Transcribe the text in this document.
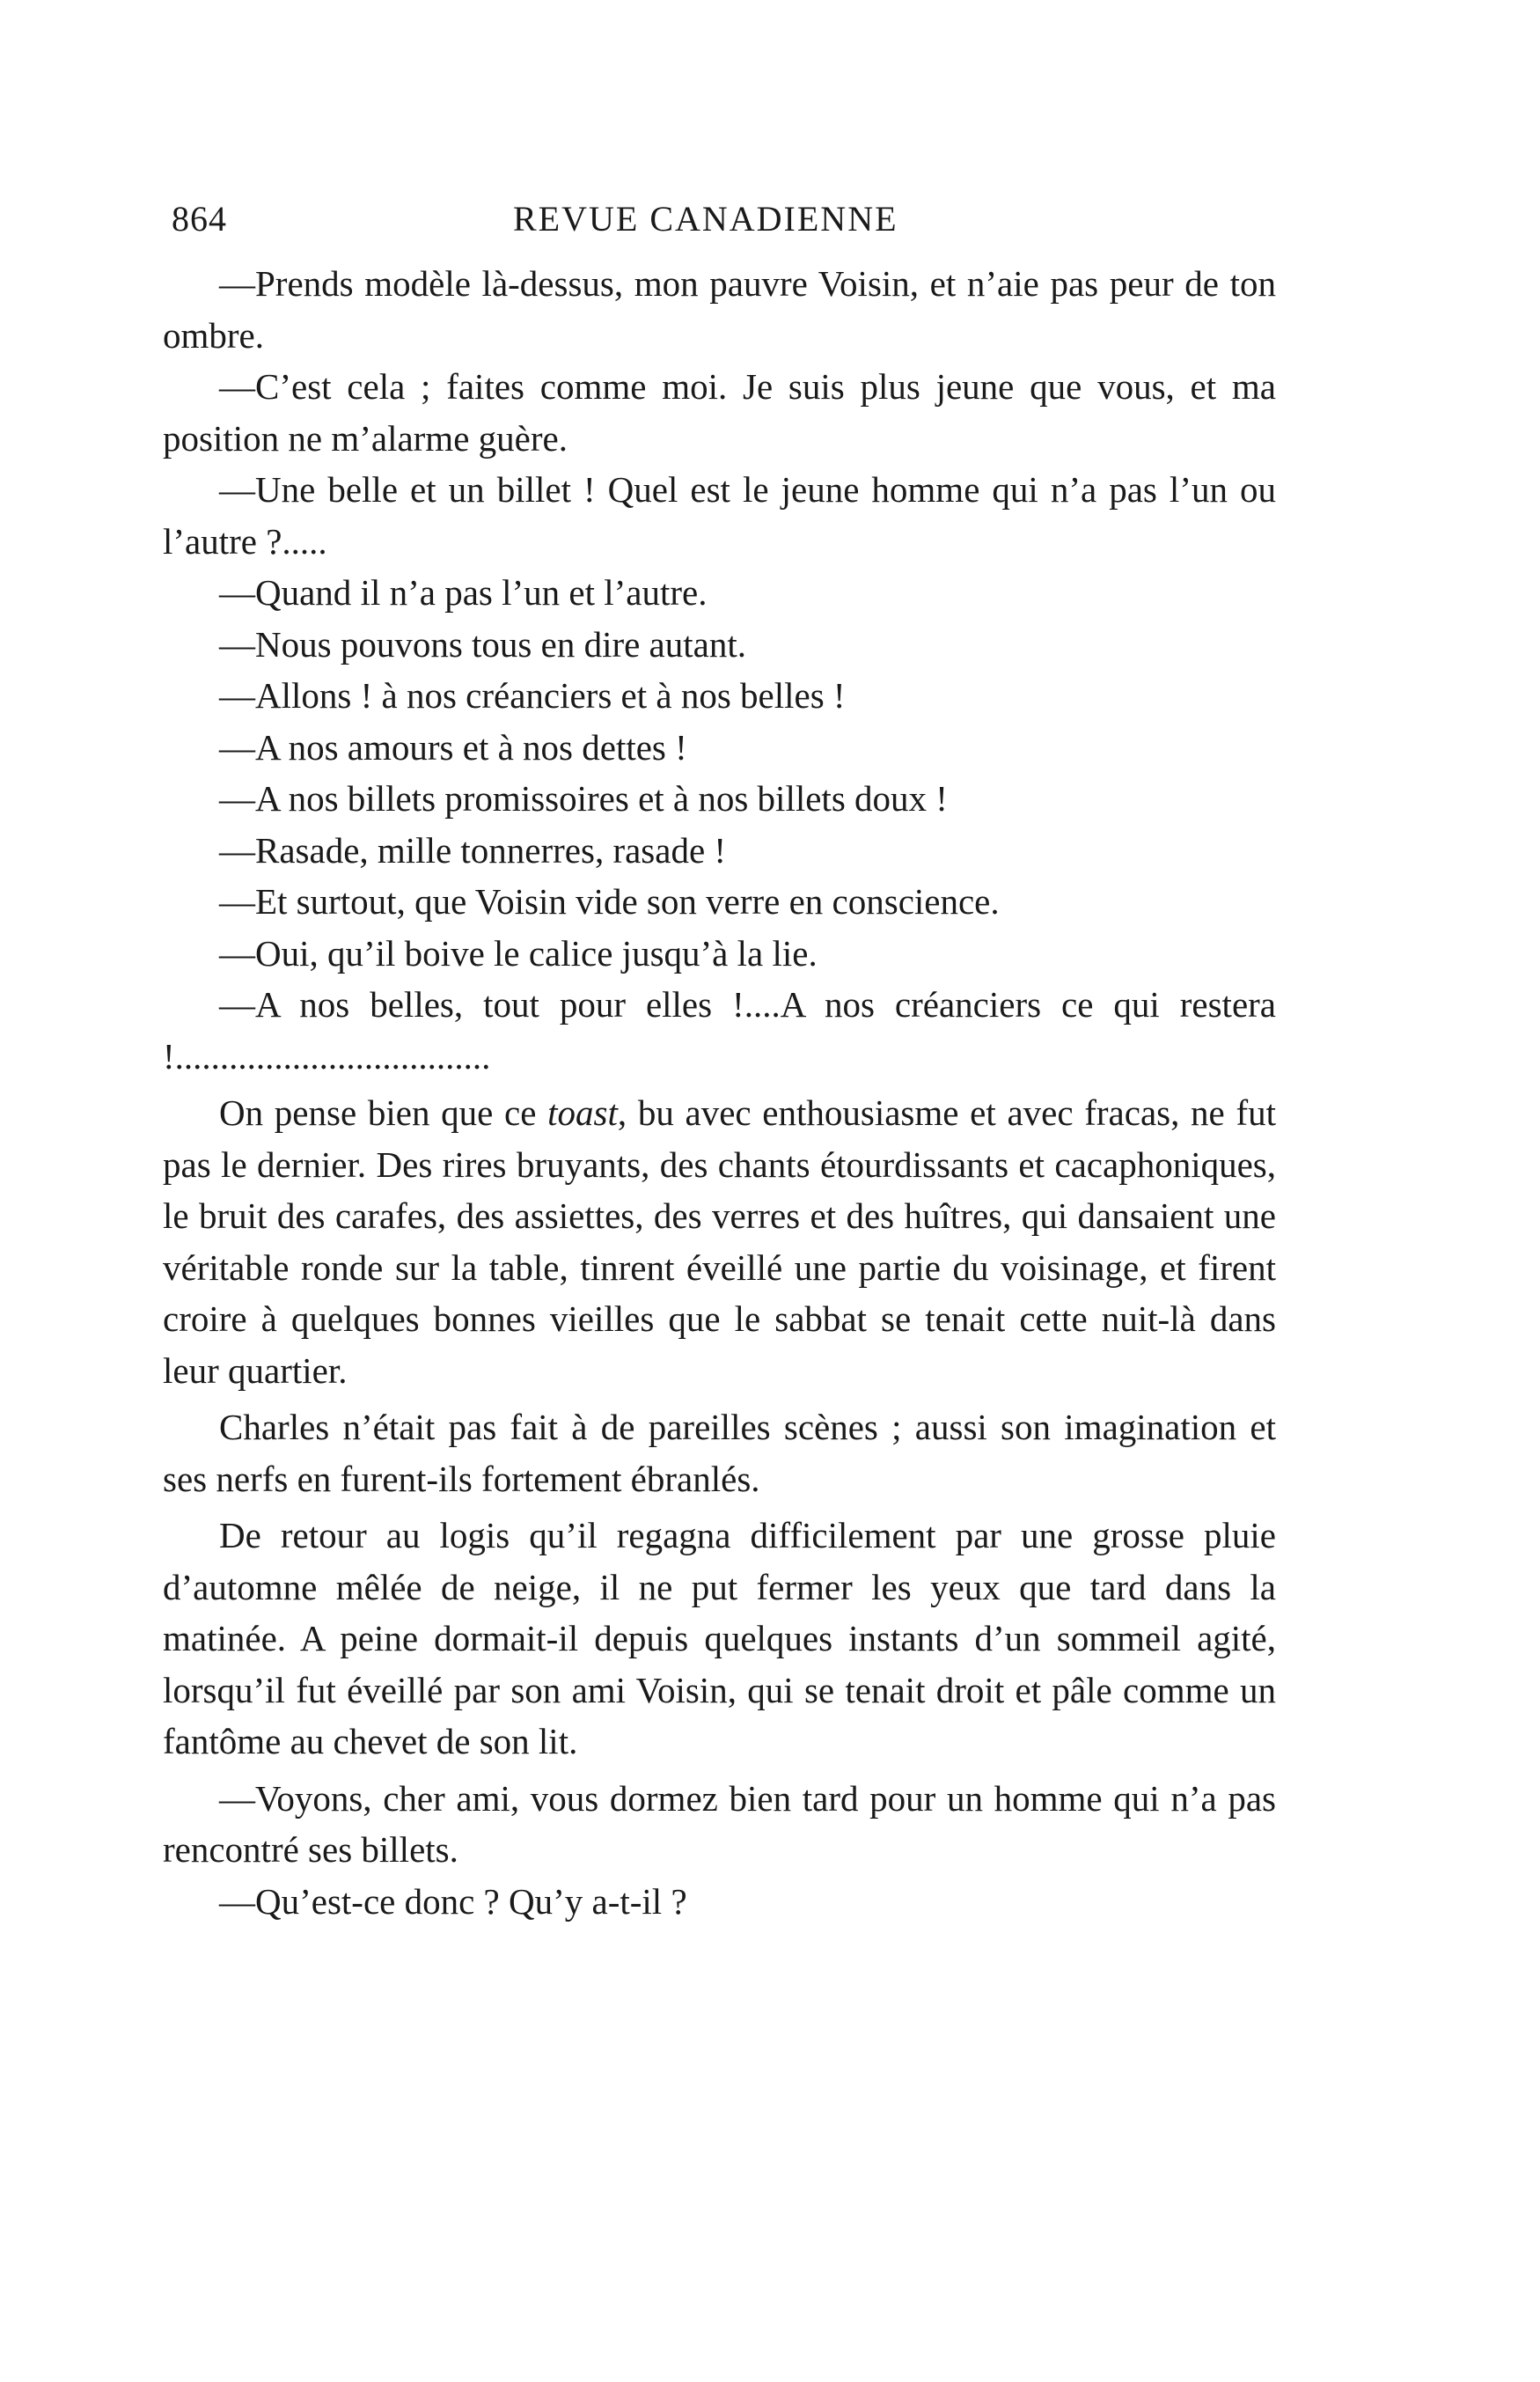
864	REVUE CANADIENNE

—Prends modèle là-dessus, mon pauvre Voisin, et n’aie pas peur de ton ombre.

—C’est cela ; faites comme moi. Je suis plus jeune que vous, et ma position ne m’alarme guère.

—Une belle et un billet ! Quel est le jeune homme qui n’a pas l’un ou l’autre ?.....

—Quand il n’a pas l’un et l’autre.

—Nous pouvons tous en dire autant.

—Allons ! à nos créanciers et à nos belles !

—A nos amours et à nos dettes !

—A nos billets promissoires et à nos billets doux !

—Rasade, mille tonnerres, rasade !

—Et surtout, que Voisin vide son verre en conscience.

—Oui, qu’il boive le calice jusqu’à la lie.

—A nos belles, tout pour elles !....A nos créanciers ce qui restera !...................................

On pense bien que ce toast, bu avec enthousiasme et avec fracas, ne fut pas le dernier. Des rires bruyants, des chants étourdissants et cacaphoniques, le bruit des carafes, des assiettes, des verres et des huîtres, qui dansaient une véritable ronde sur la table, tinrent éveillé une partie du voisinage, et firent croire à quelques bonnes vieilles que le sabbat se tenait cette nuit-là dans leur quartier.

Charles n’était pas fait à de pareilles scènes ; aussi son imagination et ses nerfs en furent-ils fortement ébranlés.

De retour au logis qu’il regagna difficilement par une grosse pluie d’automne mêlée de neige, il ne put fermer les yeux que tard dans la matinée. A peine dormait-il depuis quelques instants d’un sommeil agité, lorsqu’il fut éveillé par son ami Voisin, qui se tenait droit et pâle comme un fantôme au chevet de son lit.

—Voyons, cher ami, vous dormez bien tard pour un homme qui n’a pas rencontré ses billets.

—Qu’est-ce donc ? Qu’y a-t-il ?
